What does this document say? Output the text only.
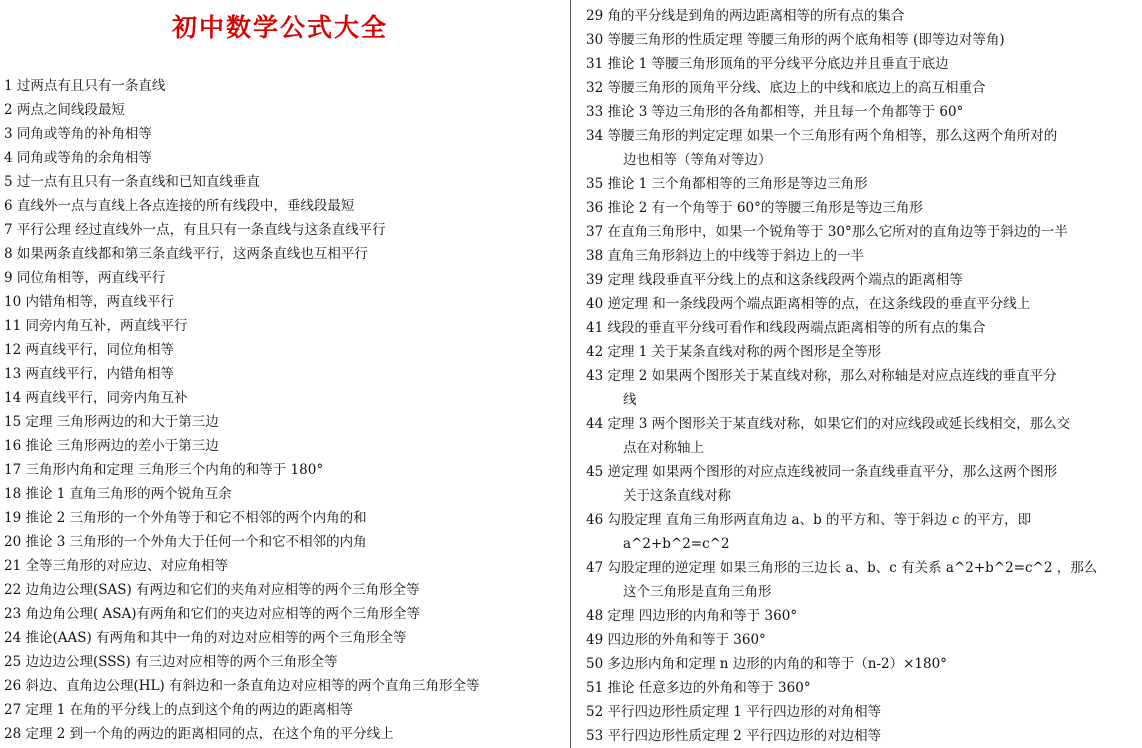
初中数学公式大全
1 过两点有且只有一条直线
2 两点之间线段最短
3 同角或等角的补角相等
4 同角或等角的余角相等
5 过一点有且只有一条直线和已知直线垂直
6 直线外一点与直线上各点连接的所有线段中，垂线段最短
7 平行公理 经过直线外一点，有且只有一条直线与这条直线平行
8 如果两条直线都和第三条直线平行，这两条直线也互相平行
9 同位角相等，两直线平行
10 内错角相等，两直线平行
11 同旁内角互补，两直线平行
12 两直线平行，同位角相等
13 两直线平行，内错角相等
14 两直线平行，同旁内角互补
15 定理 三角形两边的和大于第三边
16 推论 三角形两边的差小于第三边
17 三角形内角和定理 三角形三个内角的和等于 180°
18 推论 1 直角三角形的两个锐角互余
19 推论 2 三角形的一个外角等于和它不相邻的两个内角的和
20 推论 3 三角形的一个外角大于任何一个和它不相邻的内角
21 全等三角形的对应边、对应角相等
22 边角边公理(SAS) 有两边和它们的夹角对应相等的两个三角形全等
23 角边角公理( ASA)有两角和它们的夹边对应相等的两个三角形全等
24 推论(AAS) 有两角和其中一角的对边对应相等的两个三角形全等
25 边边边公理(SSS) 有三边对应相等的两个三角形全等
26 斜边、直角边公理(HL) 有斜边和一条直角边对应相等的两个直角三角形全等
27 定理 1 在角的平分线上的点到这个角的两边的距离相等
28 定理 2 到一个角的两边的距离相同的点，在这个角的平分线上
29 角的平分线是到角的两边距离相等的所有点的集合
30 等腰三角形的性质定理 等腰三角形的两个底角相等 (即等边对等角)
31 推论 1 等腰三角形顶角的平分线平分底边并且垂直于底边
32 等腰三角形的顶角平分线、底边上的中线和底边上的高互相重合
33 推论 3 等边三角形的各角都相等，并且每一个角都等于 60°
34 等腰三角形的判定定理 如果一个三角形有两个角相等，那么这两个角所对的
边也相等（等角对等边）
35 推论 1 三个角都相等的三角形是等边三角形
36 推论 2 有一个角等于 60°的等腰三角形是等边三角形
37 在直角三角形中，如果一个锐角等于 30°那么它所对的直角边等于斜边的一半
38 直角三角形斜边上的中线等于斜边上的一半
39 定理 线段垂直平分线上的点和这条线段两个端点的距离相等
40 逆定理 和一条线段两个端点距离相等的点，在这条线段的垂直平分线上
41 线段的垂直平分线可看作和线段两端点距离相等的所有点的集合
42 定理 1 关于某条直线对称的两个图形是全等形
43 定理 2 如果两个图形关于某直线对称，那么对称轴是对应点连线的垂直平分
线
44 定理 3 两个图形关于某直线对称，如果它们的对应线段或延长线相交，那么交
点在对称轴上
45 逆定理 如果两个图形的对应点连线被同一条直线垂直平分，那么这两个图形
关于这条直线对称
46 勾股定理 直角三角形两直角边 a、b 的平方和、等于斜边 c 的平方，即
a^2+b^2=c^2
47 勾股定理的逆定理 如果三角形的三边长 a、b、c 有关系 a^2+b^2=c^2 ，那么
这个三角形是直角三角形
48 定理 四边形的内角和等于 360°
49 四边形的外角和等于 360°
50 多边形内角和定理 n 边形的内角的和等于（n-2）×180°
51 推论 任意多边的外角和等于 360°
52 平行四边形性质定理 1 平行四边形的对角相等
53 平行四边形性质定理 2 平行四边形的对边相等
